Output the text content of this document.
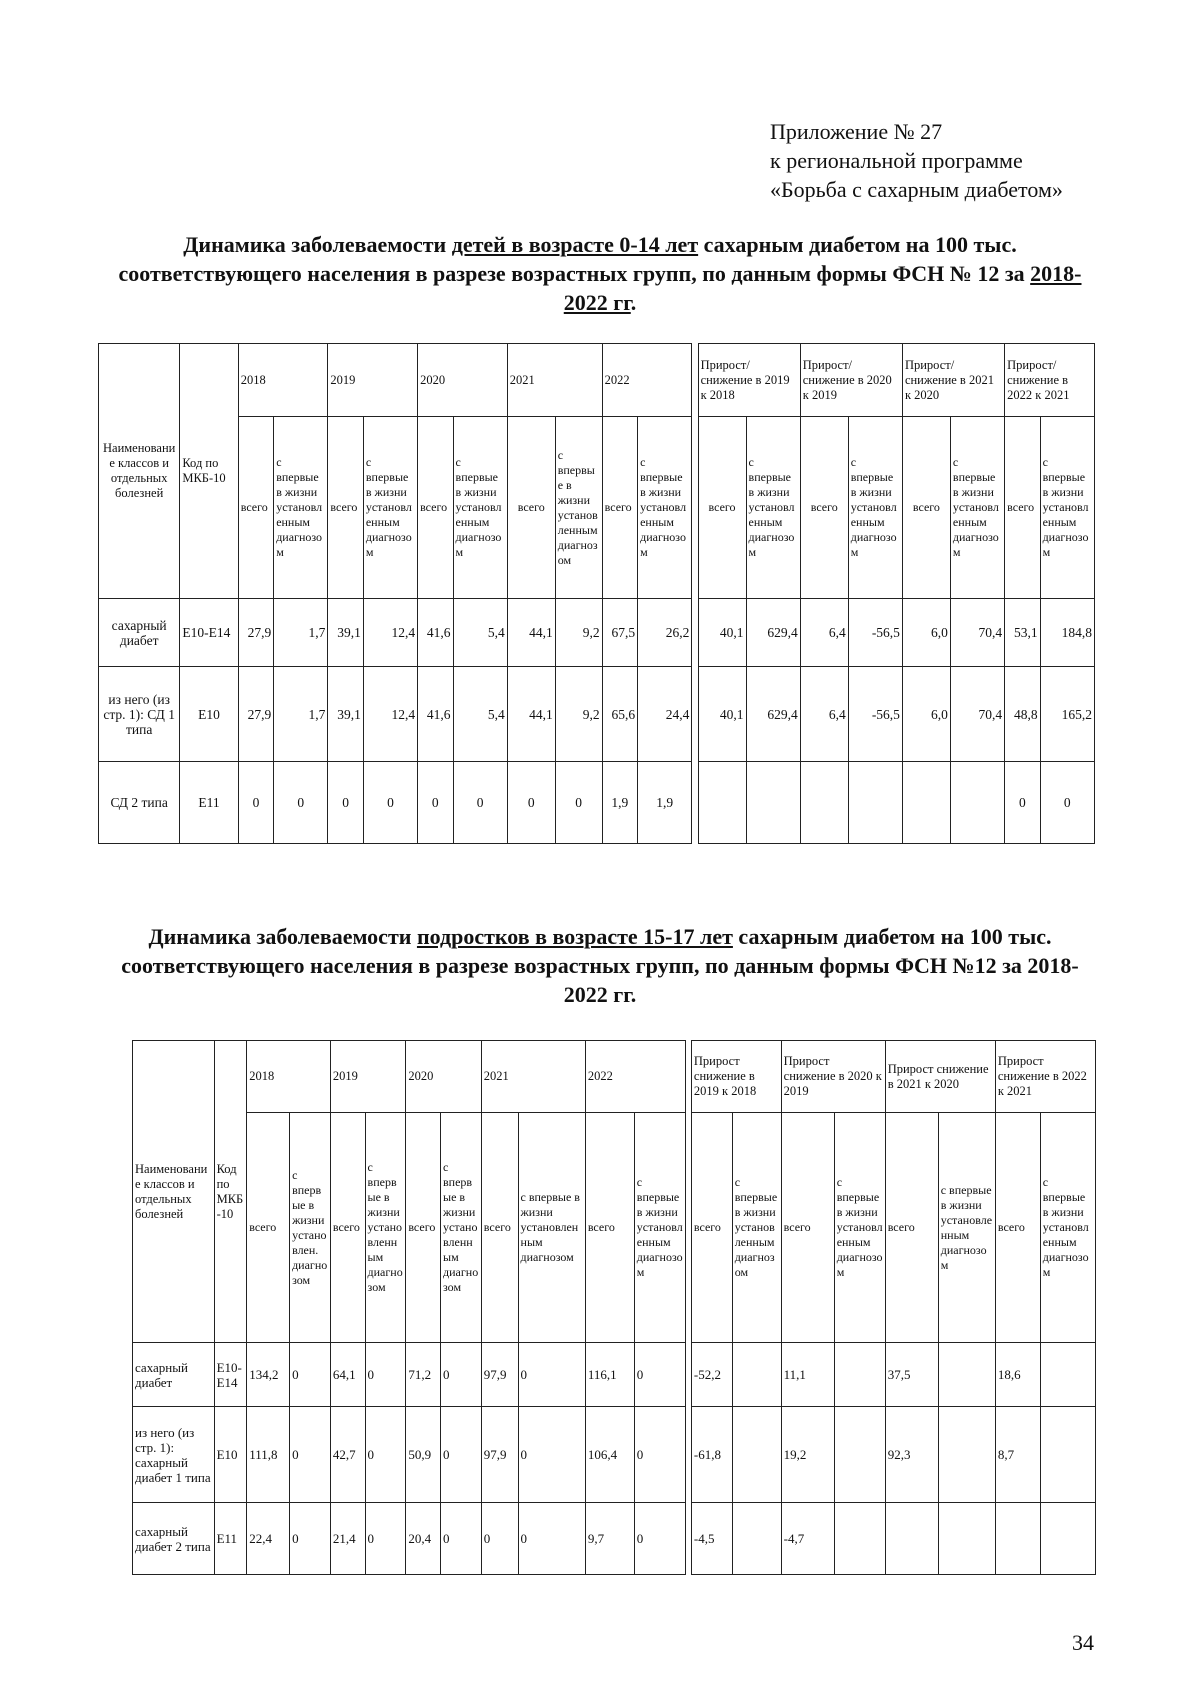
Приложение № 27
к региональной программе
«Борьба с сахарным диабетом»
Динамика заболеваемости детей в возрасте 0-14 лет сахарным диабетом на 100 тыс. соответствующего населения в разрезе возрастных групп, по данным формы ФСН № 12 за 2018-2022 гг.
Наименование классов и отдельных болезней	Код по МКБ-10	2018		2019		2020		2021		2022			Прирост/снижение в 2019 к 2018		Прирост/снижение в 2020 к 2019		Прирост/снижение в 2021 к 2020		Прирост/снижение в 2022 к 2021	
		всего	с впервые в жизни установленным диагнозом	всего	с впервые в жизни установленным диагнозом	всего	с впервые в жизни установленным диагнозом	всего	с впервые в жизни установленным диагнозом	всего	с впервые в жизни установленным диагнозом		всего	с впервые в жизни установленным диагнозом	всего	с впервые в жизни установленным диагнозом	всего	с впервые в жизни установленным диагнозом	всего	с впервые в жизни установленным диагнозом
сахарный диабет	E10-E14	27,9	1,7	39,1	12,4	41,6	5,4	44,1	9,2	67,5	26,2		40,1	629,4	6,4	-56,5	6,0	70,4	53,1	184,8
из него (из стр. 1): СД 1 типа	E10	27,9	1,7	39,1	12,4	41,6	5,4	44,1	9,2	65,6	24,4		40,1	629,4	6,4	-56,5	6,0	70,4	48,8	165,2
СД 2 типа	E11	0	0	0	0	0	0	0	0	1,9	1,9								0	0
Динамика заболеваемости подростков в возрасте 15-17 лет сахарным диабетом на 100 тыс. соответствующего населения в разрезе возрастных групп, по данным формы ФСН №12 за 2018-2022 гг.
Наименование классов и отдельных болезней	Код по МКБ-10	2018		2019		2020		2021		2022			Прирост снижение в 2019 к 2018		Прирост снижение в 2020 к 2019		Прирост снижение в 2021 к 2020		Прирост снижение в 2022 к 2021	
		всего	с впервые в жизни установлен. диагнозом	всего	с впервые в жизни установленным диагнозом	всего	с впервые в жизни установленным диагнозом	всего	с впервые в жизни установленным диагнозом	всего	с впервые в жизни установленным диагнозом		всего	с впервые в жизни установленным диагнозом	всего	с впервые в жизни установленным диагнозом	всего	с впервые в жизни установленным диагнозом	всего	с впервые в жизни установленным диагнозом
сахарный диабет	E10-E14	134,2	0	64,1	0	71,2	0	97,9	0	116,1	0		-52,2		11,1		37,5		18,6	
из него (из стр. 1): сахарный диабет 1 типа	E10	111,8	0	42,7	0	50,9	0	97,9	0	106,4	0		-61,8		19,2		92,3		8,7	
сахарный диабет 2 типа	E11	22,4	0	21,4	0	20,4	0	0	0	9,7	0		-4,5		-4,7					
34
